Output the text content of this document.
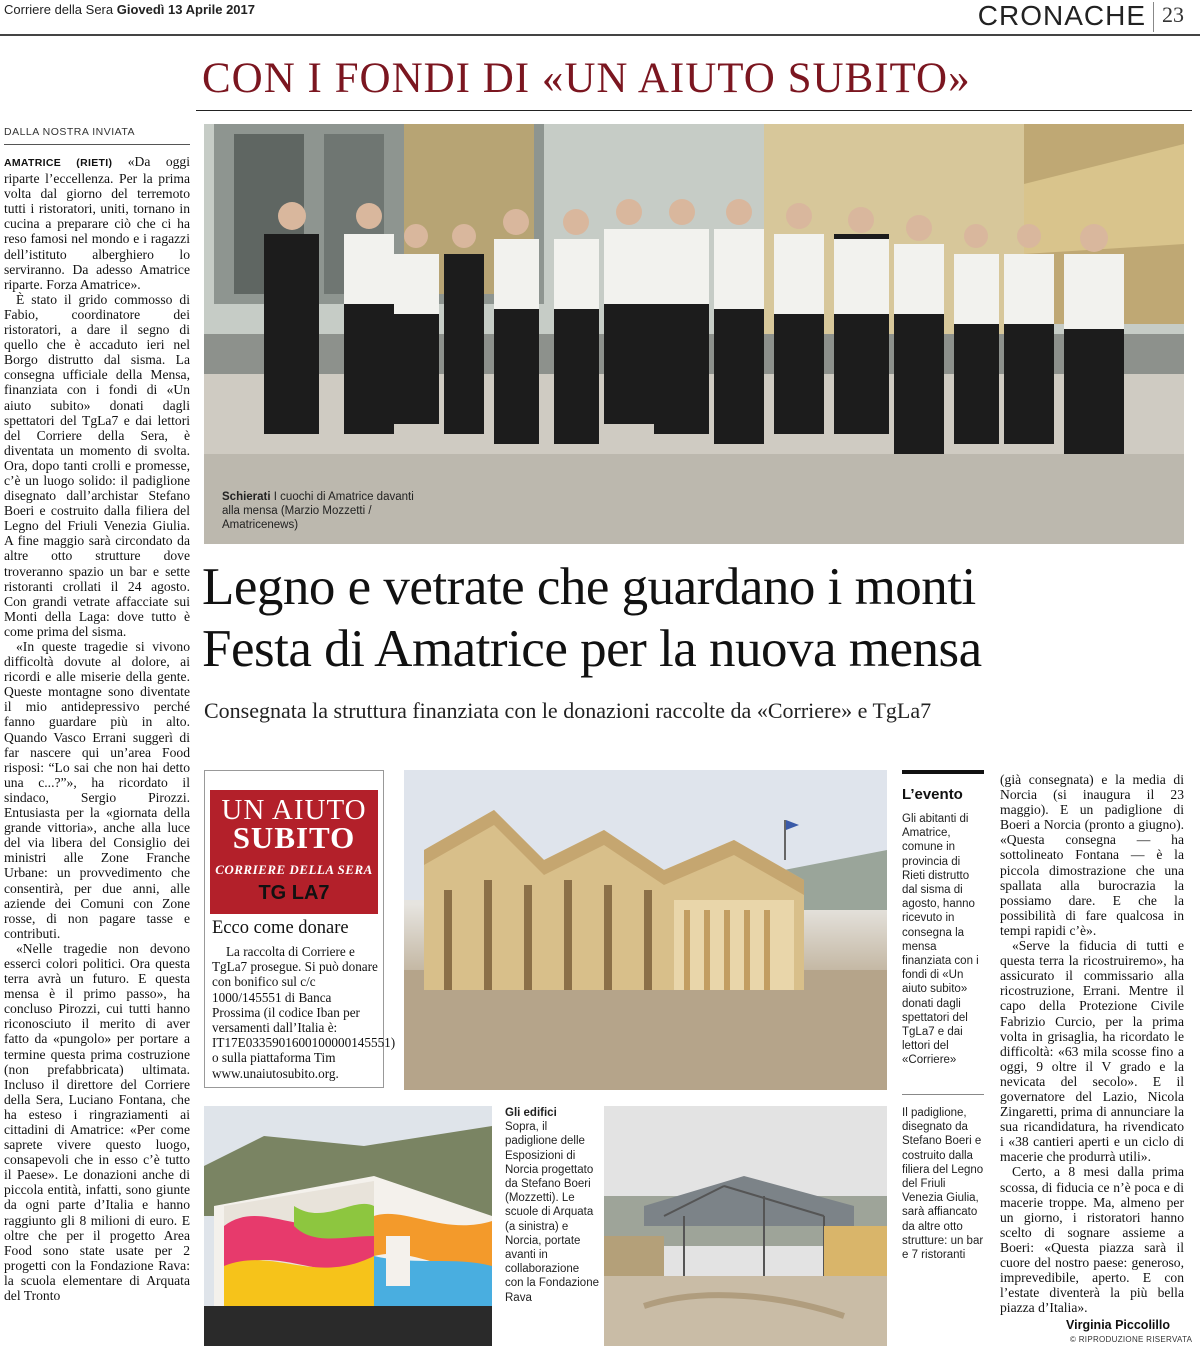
Corriere della Sera Giovedì 13 Aprile 2017	CRONACHE 23
CON I FONDI DI «UN AIUTO SUBITO»
DALLA NOSTRA INVIATA

AMATRICE (RIETI) «Da oggi riparte l’eccellenza. Per la prima volta dal giorno del terremoto tutti i ristoratori, uniti, tornano in cucina a preparare ciò che ci ha reso famosi nel mondo e i ragazzi dell’istituto alberghiero lo serviranno. Da adesso Amatrice riparte. Forza Amatrice».

È stato il grido commosso di Fabio, coordinatore dei ristoratori, a dare il segno di quello che è accaduto ieri nel Borgo distrutto dal sisma. La consegna ufficiale della Mensa, finanziata con i fondi di «Un aiuto subito» donati dagli spettatori del TgLa7 e dai lettori del Corriere della Sera, è diventata un momento di svolta. Ora, dopo tanti crolli e promesse, c’è un luogo solido: il padiglione disegnato dall’archistar Stefano Boeri e costruito dalla filiera del Legno del Friuli Venezia Giulia. A fine maggio sarà circondato da altre otto strutture dove troveranno spazio un bar e sette ristoranti crollati il 24 agosto. Con grandi vetrate affacciate sui Monti della Laga: dove tutto è come prima del sisma.

«In queste tragedie si vivono difficoltà dovute al dolore, ai ricordi e alle miserie della gente. Queste montagne sono diventate il mio antidepressivo perché fanno guardare più in alto. Quando Vasco Errani suggerì di far nascere qui un’area Food risposi: “Lo sai che non hai detto una c...?”», ha ricordato il sindaco, Sergio Pirozzi. Entusiasta per la «giornata della grande vittoria», anche alla luce del via libera del Consiglio dei ministri alle Zone Franche Urbane: un provvedimento che consentirà, per due anni, alle aziende dei Comuni con Zone rosse, di non pagare tasse e contributi.

«Nelle tragedie non devono esserci colori politici. Ora questa terra avrà un futuro. E questa mensa è il primo passo», ha concluso Pirozzi, cui tutti hanno riconosciuto il merito di aver fatto da «pungolo» per portare a termine questa prima costruzione (non prefabbricata) ultimata. Incluso il direttore del Corriere della Sera, Luciano Fontana, che ha esteso i ringraziamenti ai cittadini di Amatrice: «Per come saprete vivere questo luogo, consapevoli che in esso c’è tutto il Paese». Le donazioni anche di piccola entità, infatti, sono giunte da ogni parte d’Italia e hanno raggiunto gli 8 milioni di euro. E oltre che per il progetto Area Food sono state usate per 2 progetti con la Fondazione Rava: la scuola elementare di Arquata del Tronto

Schierati I cuochi di Amatrice davanti alla mensa (Marzio Mozzetti / Amatricenews)
Legno e vetrate che guardano i monti
Festa di Amatrice per la nuova mensa
Consegnata la struttura finanziata con le donazioni raccolte da «Corriere» e TgLa7
UN AIUTO
SUBITO
CORRIERE DELLA SERA
TG LA7
Ecco come donare

La raccolta di Corriere e TgLa7 prosegue. Si può donare con bonifico sul c/c 1000/145551 di Banca Prossima (il codice Iban per versamenti dall’Italia è: IT17E0335901600100000145551) o sulla piattaforma Tim www.unaiutosubito.org.

Gli edifici
Sopra, il padiglione delle Esposizioni di Norcia progettato da Stefano Boeri (Mozzetti). Le scuole di Arquata (a sinistra) e Norcia, portate avanti in collaborazione con la Fondazione Rava
L’evento
Gli abitanti di Amatrice, comune in provincia di Rieti distrutto dal sisma di agosto, hanno ricevuto in consegna la mensa finanziata con i fondi di «Un aiuto subito» donati dagli spettatori del TgLa7 e dai lettori del «Corriere»
Il padiglione, disegnato da Stefano Boeri e costruito dalla filiera del Legno del Friuli Venezia Giulia, sarà affiancato da altre otto strutture: un bar e 7 ristoranti

(già consegnata) e la media di Norcia (si inaugura il 23 maggio). E un padiglione di Boeri a Norcia (pronto a giugno). «Questa consegna — ha sottolineato Fontana — è la piccola dimostrazione che una spallata alla burocrazia la possiamo dare. E che la possibilità di fare qualcosa in tempi rapidi c’è».

«Serve la fiducia di tutti e questa terra la ricostruiremo», ha assicurato il commissario alla ricostruzione, Errani. Mentre il capo della Protezione Civile Fabrizio Curcio, per la prima volta in grisaglia, ha ricordato le difficoltà: «63 mila scosse fino a oggi, 9 oltre il V grado e la nevicata del secolo». E il governatore del Lazio, Nicola Zingaretti, prima di annunciare la sua ricandidatura, ha rivendicato i «38 cantieri aperti e un ciclo di macerie che produrrà utili».

Certo, a 8 mesi dalla prima scossa, di fiducia ce n’è poca e di macerie troppe. Ma, almeno per un giorno, i ristoratori hanno scelto di sognare assieme a Boeri: «Questa piazza sarà il cuore del nostro paese: generoso, imprevedibile, aperto. E con l’estate diventerà la più bella piazza d’Italia».

Virginia Piccolillo
© RIPRODUZIONE RISERVATA
